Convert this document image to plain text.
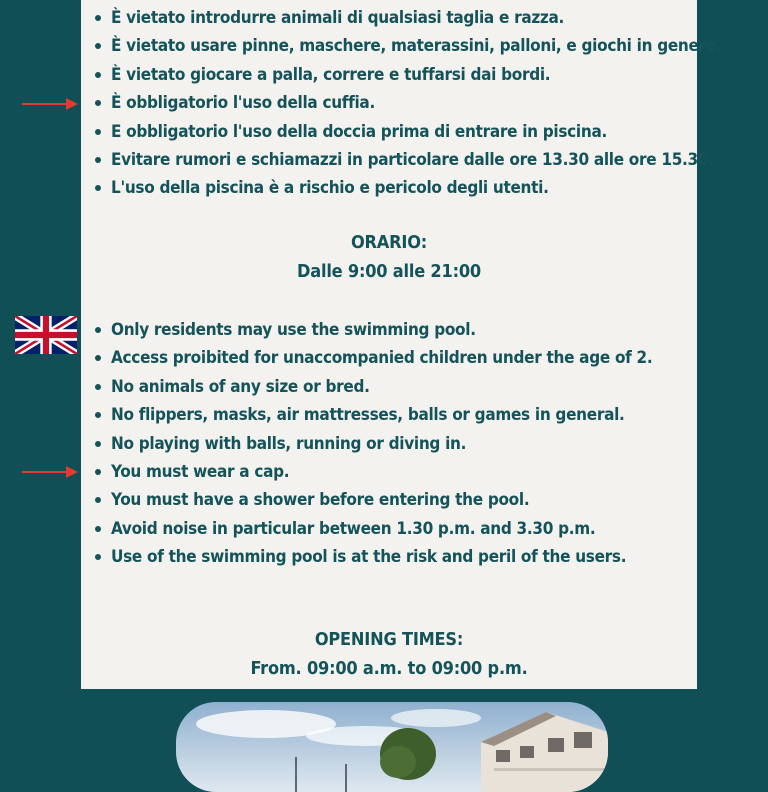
È vietato introdurre animali di qualsiasi taglia e razza.
È vietato usare pinne, maschere, materassini, palloni, e giochi in genere.
È vietato giocare a palla, correre e tuffarsi dai bordi.
È obbligatorio l'uso della cuffia.
E obbligatorio l'uso della doccia prima di entrare in piscina.
Evitare rumori e schiamazzi in particolare dalle ore 13.30 alle ore 15.30.
L'uso della piscina è a rischio e pericolo degli utenti.
ORARIO:
Dalle 9:00 alle 21:00
Only residents may use the swimming pool.
Access proibited for unaccompanied children under the age of 2.
No animals of any size or bred.
No flippers, masks, air mattresses, balls or games in general.
No playing with balls, running or diving in.
You must wear a cap.
You must have a shower before entering the pool.
Avoid noise in particular between 1.30 p.m. and 3.30 p.m.
Use of the swimming pool is at the risk and peril of the users.
OPENING TIMES:
From. 09:00 a.m. to 09:00 p.m.
